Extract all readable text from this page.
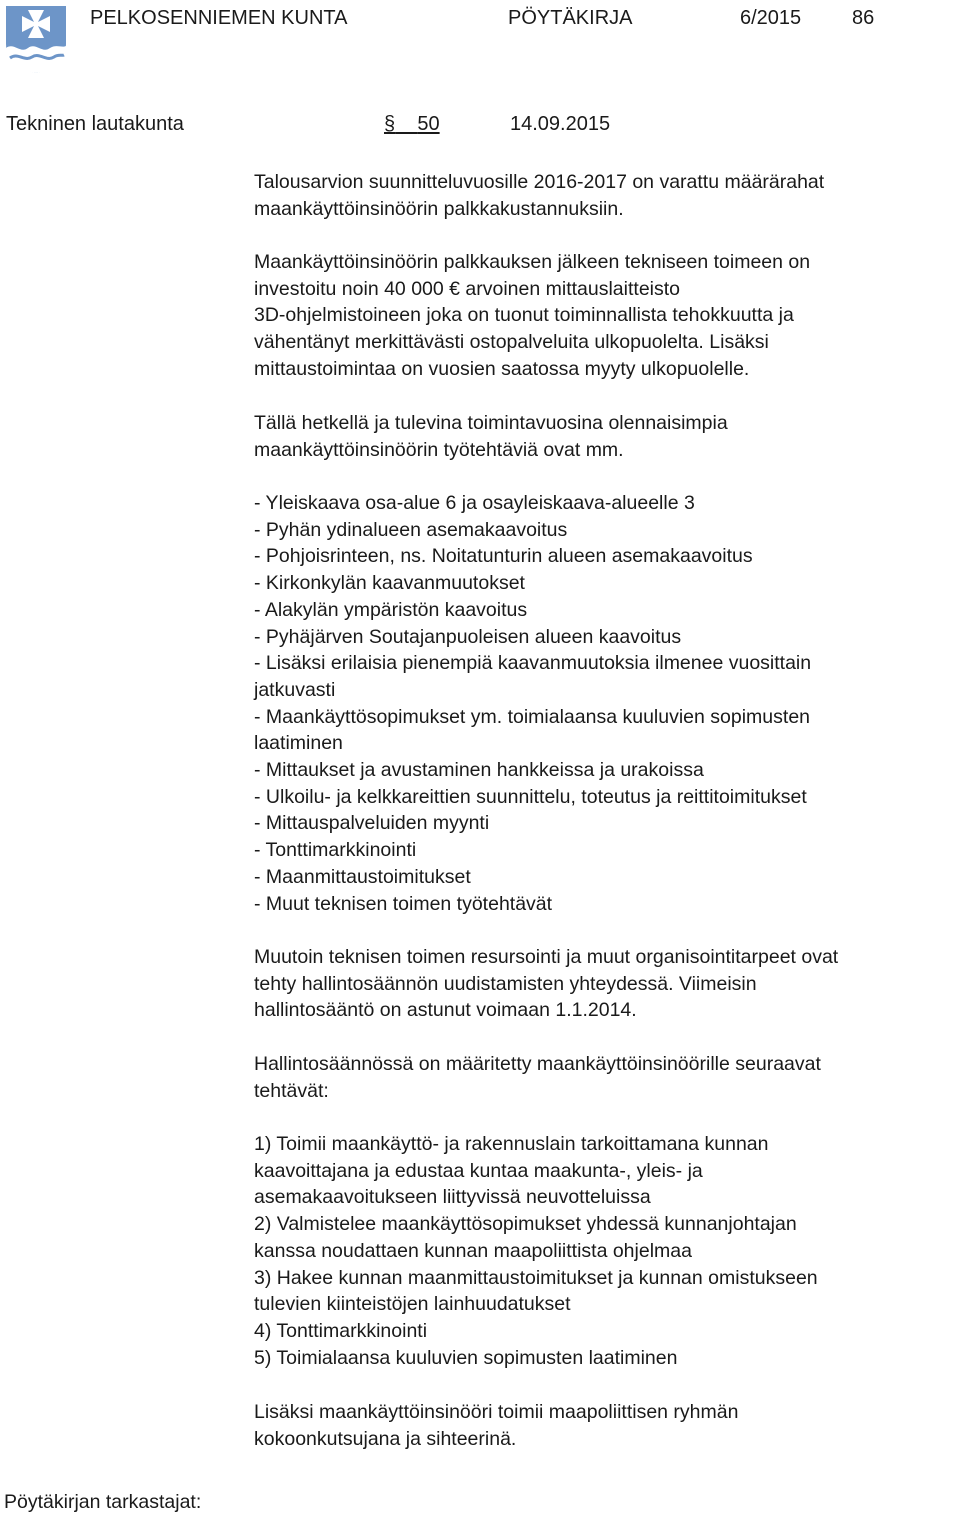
PELKOSENNIEMEN KUNTA	PÖYTÄKIRJA	6/2015	86
Tekninen lautakunta	§ 50	14.09.2015
Talousarvion suunnitteluvuosille 2016-2017 on varattu määrärahat
maankäyttöinsinöörin palkkakustannuksiin.
Maankäyttöinsinöörin palkkauksen jälkeen tekniseen toimeen on
investoitu noin 40 000 € arvoinen mittauslaitteisto
3D-ohjelmistoineen joka on tuonut toiminnallista tehokkuutta ja
vähentänyt merkittävästi ostopalveluita ulkopuolelta. Lisäksi
mittaustoimintaa on vuosien saatossa myyty ulkopuolelle.
Tällä hetkellä ja tulevina toimintavuosina olennaisimpia
maankäyttöinsinöörin työtehtäviä ovat mm.
- Yleiskaava osa-alue 6 ja osayleiskaava-alueelle 3
- Pyhän ydinalueen asemakaavoitus
- Pohjoisrinteen, ns. Noitatunturin alueen asemakaavoitus
- Kirkonkylän kaavanmuutokset
- Alakylän ympäristön kaavoitus
- Pyhäjärven Soutajanpuoleisen alueen kaavoitus
- Lisäksi erilaisia pienempiä kaavanmuutoksia ilmenee vuosittain
jatkuvasti
- Maankäyttösopimukset ym. toimialaansa kuuluvien sopimusten
laatiminen
- Mittaukset ja avustaminen hankkeissa ja urakoissa
- Ulkoilu- ja kelkkareittien suunnittelu, toteutus ja reittitoimitukset
- Mittauspalveluiden myynti
- Tonttimarkkinointi
- Maanmittaustoimitukset
- Muut teknisen toimen työtehtävät
Muutoin teknisen toimen resursointi ja muut organisointitarpeet ovat
tehty hallintosäännön uudistamisten yhteydessä. Viimeisin
hallintosääntö on astunut voimaan 1.1.2014.
Hallintosäännössä on määritetty maankäyttöinsinöörille seuraavat
tehtävät:
1) Toimii maankäyttö- ja rakennuslain tarkoittamana kunnan
kaavoittajana ja edustaa kuntaa maakunta-, yleis- ja
asemakaavoitukseen liittyvissä neuvotteluissa
2) Valmistelee maankäyttösopimukset yhdessä kunnanjohtajan
kanssa noudattaen kunnan maapoliittista ohjelmaa
3) Hakee kunnan maanmittaustoimitukset ja kunnan omistukseen
tulevien kiinteistöjen lainhuudatukset
4) Tonttimarkkinointi
5) Toimialaansa kuuluvien sopimusten laatiminen
Lisäksi maankäyttöinsinööri toimii maapoliittisen ryhmän
kokoonkutsujana ja sihteerinä.
Pöytäkirjan tarkastajat:
